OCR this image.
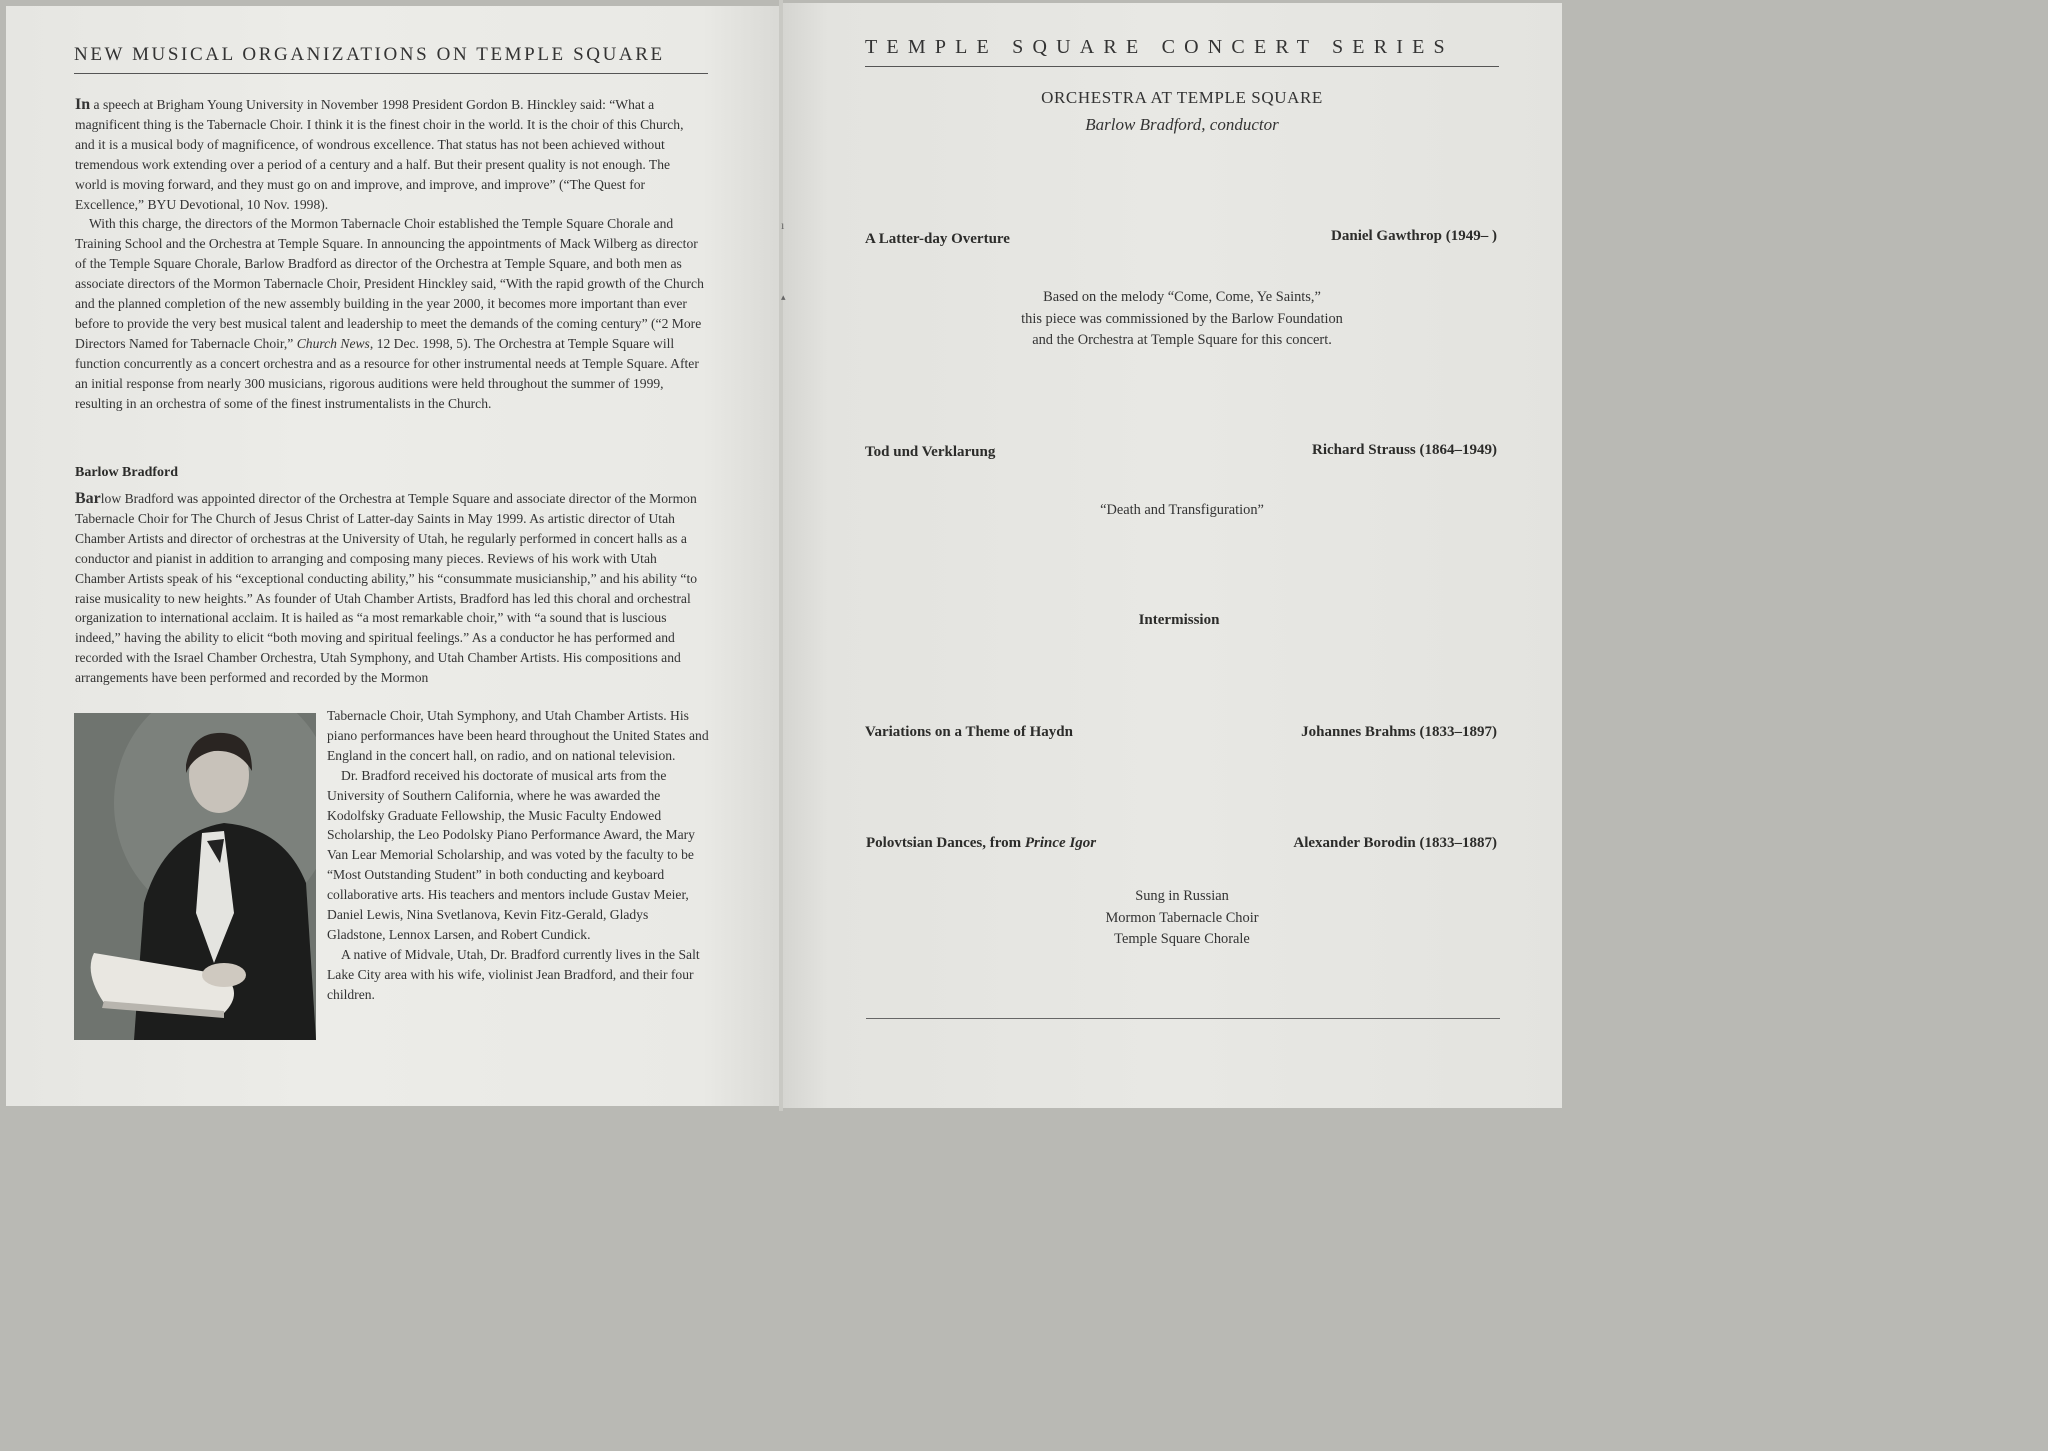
NEW MUSICAL ORGANIZATIONS ON TEMPLE SQUARE

In a speech at Brigham Young University in November 1998 President Gordon B. Hinckley said: “What a magnificent thing is the Tabernacle Choir. I think it is the finest choir in the world. It is the choir of this Church, and it is a musical body of magnificence, of wondrous excellence. That status has not been achieved without tremendous work extending over a period of a century and a half. But their present quality is not enough. The world is moving forward, and they must go on and improve, and improve, and improve” (“The Quest for Excellence,” BYU Devotional, 10 Nov. 1998).

With this charge, the directors of the Mormon Tabernacle Choir established the Temple Square Chorale and Training School and the Orchestra at Temple Square. In announcing the appointments of Mack Wilberg as director of the Temple Square Chorale, Barlow Bradford as director of the Orchestra at Temple Square, and both men as associate directors of the Mormon Tabernacle Choir, President Hinckley said, “With the rapid growth of the Church and the planned completion of the new assembly building in the year 2000, it becomes more important than ever before to provide the very best musical talent and leadership to meet the demands of the coming century” (“2 More Directors Named for Tabernacle Choir,” Church News, 12 Dec. 1998, 5). The Orchestra at Temple Square will function concurrently as a concert orchestra and as a resource for other instrumental needs at Temple Square. After an initial response from nearly 300 musicians, rigorous auditions were held throughout the summer of 1999, resulting in an orchestra of some of the finest instrumentalists in the Church.

Barlow Bradford
Barlow Bradford was appointed director of the Orchestra at Temple Square and associate director of the Mormon Tabernacle Choir for The Church of Jesus Christ of Latter-day Saints in May 1999. As artistic director of Utah Chamber Artists and director of orchestras at the University of Utah, he regularly performed in concert halls as a conductor and pianist in addition to arranging and composing many pieces. Reviews of his work with Utah Chamber Artists speak of his “exceptional conducting ability,” his “consummate musicianship,” and his ability “to raise musicality to new heights.” As founder of Utah Chamber Artists, Bradford has led this choral and orchestral organization to international acclaim. It is hailed as “a most remarkable choir,” with “a sound that is luscious indeed,” having the ability to elicit “both moving and spiritual feelings.” As a conductor he has performed and recorded with the Israel Chamber Orchestra, Utah Symphony, and Utah Chamber Artists. His compositions and arrangements have been performed and recorded by the Mormon

Tabernacle Choir, Utah Symphony, and Utah Chamber Artists. His piano performances have been heard throughout the United States and England in the concert hall, on radio, and on national television.

Dr. Bradford received his doctorate of musical arts from the University of Southern California, where he was awarded the Kodolfsky Graduate Fellowship, the Music Faculty Endowed Scholarship, the Leo Podolsky Piano Performance Award, the Mary Van Lear Memorial Scholarship, and was voted by the faculty to be “Most Outstanding Student” in both conducting and keyboard collaborative arts. His teachers and mentors include Gustav Meier, Daniel Lewis, Nina Svetlanova, Kevin Fitz-Gerald, Gladys Gladstone, Lennox Larsen, and Robert Cundick.

A native of Midvale, Utah, Dr. Bradford currently lives in the Salt Lake City area with his wife, violinist Jean Bradford, and their four children.

TEMPLE SQUARE CONCERT SERIES
ORCHESTRA AT TEMPLE SQUARE
Barlow Bradford, conductor
ı
▴
A Latter-day Overture	Daniel Gawthrop (1949– )
Based on the melody “Come, Come, Ye Saints,”
this piece was commissioned by the Barlow Foundation
and the Orchestra at Temple Square for this concert.
Tod und Verklarung	Richard Strauss (1864–1949)
“Death and Transfiguration”
Intermission
Variations on a Theme of Haydn	Johannes Brahms (1833–1897)
Polovtsian Dances, from Prince Igor	Alexander Borodin (1833–1887)
Sung in Russian
Mormon Tabernacle Choir
Temple Square Chorale
